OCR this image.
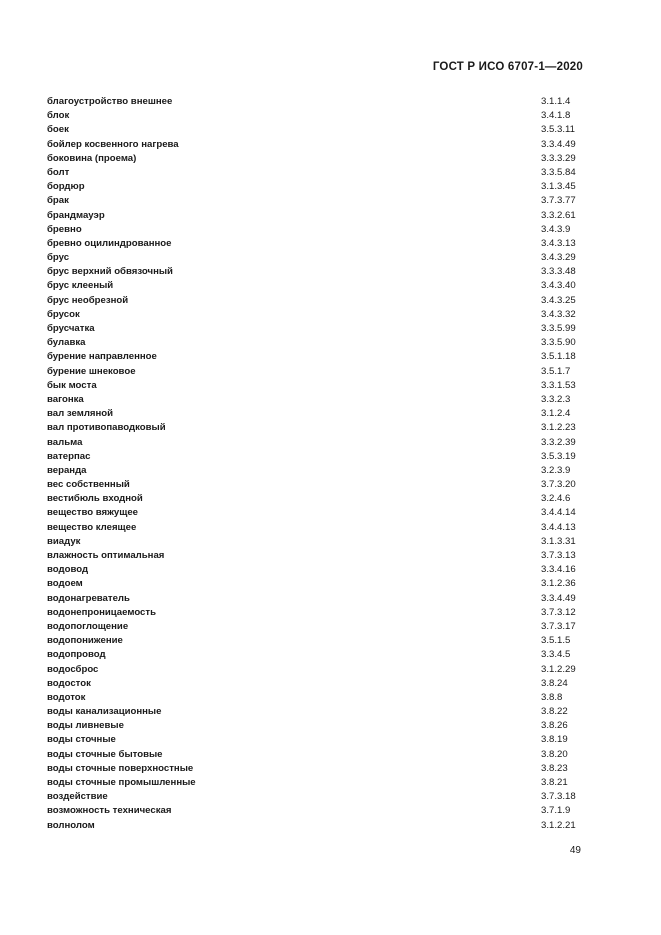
ГОСТ Р ИСО 6707-1—2020
благоустройство внешнее	3.1.1.4
блок	3.4.1.8
боек	3.5.3.11
бойлер косвенного нагрева	3.3.4.49
боковина (проема)	3.3.3.29
болт	3.3.5.84
бордюр	3.1.3.45
брак	3.7.3.77
брандмауэр	3.3.2.61
бревно	3.4.3.9
бревно оцилиндрованное	3.4.3.13
брус	3.4.3.29
брус верхний обвязочный	3.3.3.48
брус клееный	3.4.3.40
брус необрезной	3.4.3.25
брусок	3.4.3.32
брусчатка	3.3.5.99
булавка	3.3.5.90
бурение направленное	3.5.1.18
бурение шнековое	3.5.1.7
бык моста	3.3.1.53
вагонка	3.3.2.3
вал земляной	3.1.2.4
вал противопаводковый	3.1.2.23
вальма	3.3.2.39
ватерпас	3.5.3.19
веранда	3.2.3.9
вес собственный	3.7.3.20
вестибюль входной	3.2.4.6
вещество вяжущее	3.4.4.14
вещество клеящее	3.4.4.13
виадук	3.1.3.31
влажность оптимальная	3.7.3.13
водовод	3.3.4.16
водоем	3.1.2.36
водонагреватель	3.3.4.49
водонепроницаемость	3.7.3.12
водопоглощение	3.7.3.17
водопонижение	3.5.1.5
водопровод	3.3.4.5
водосброс	3.1.2.29
водосток	3.8.24
водоток	3.8.8
воды канализационные	3.8.22
воды ливневые	3.8.26
воды сточные	3.8.19
воды сточные бытовые	3.8.20
воды сточные поверхностные	3.8.23
воды сточные промышленные	3.8.21
воздействие	3.7.3.18
возможность техническая	3.7.1.9
волнолом	3.1.2.21
49
